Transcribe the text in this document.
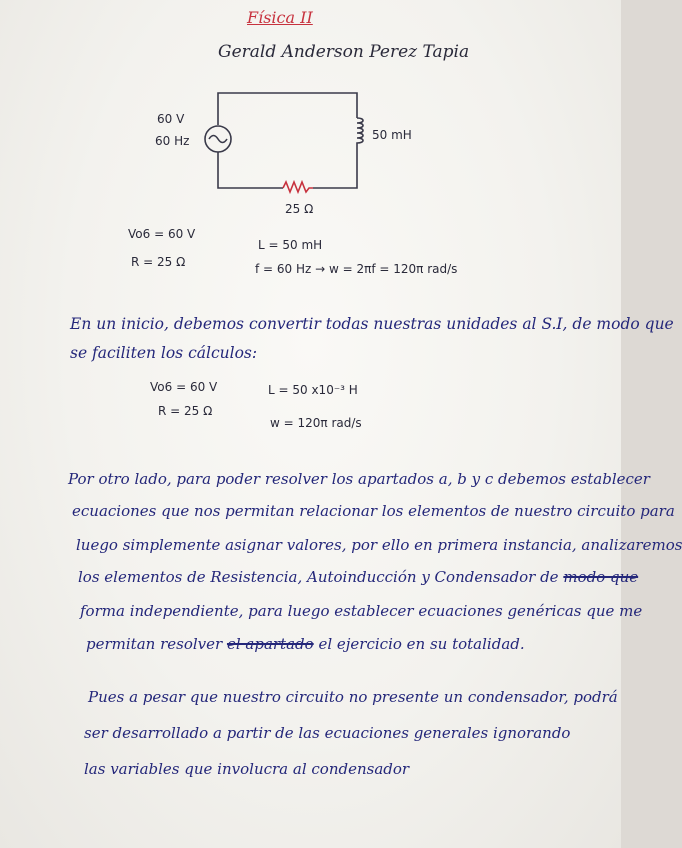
Física II
Gerald Anderson Perez Tapia
60 V
60 Hz	50 mH
25 Ω
Vo6 = 60 V
R = 25 Ω
L = 50 mH
f = 60 Hz → w = 2πf = 120π rad/s
En un inicio, debemos convertir todas nuestras unidades al S.I, de modo que
se faciliten los cálculos:
Vo6 = 60 V
R = 25 Ω
L = 50 x10⁻³ H
w = 120π rad/s
Por otro lado, para poder resolver los apartados a, b y c debemos establecer
ecuaciones que nos permitan relacionar los elementos de nuestro circuito para
luego simplemente asignar valores, por ello en primera instancia, analizaremos
los elementos de Resistencia, Autoinducción y Condensador de modo que
forma independiente, para luego establecer ecuaciones genéricas que me
permitan resolver el apartado el ejercicio en su totalidad.
Pues a pesar que nuestro circuito no presente un condensador, podrá
ser desarrollado a partir de las ecuaciones generales ignorando
las variables que involucra al condensador
